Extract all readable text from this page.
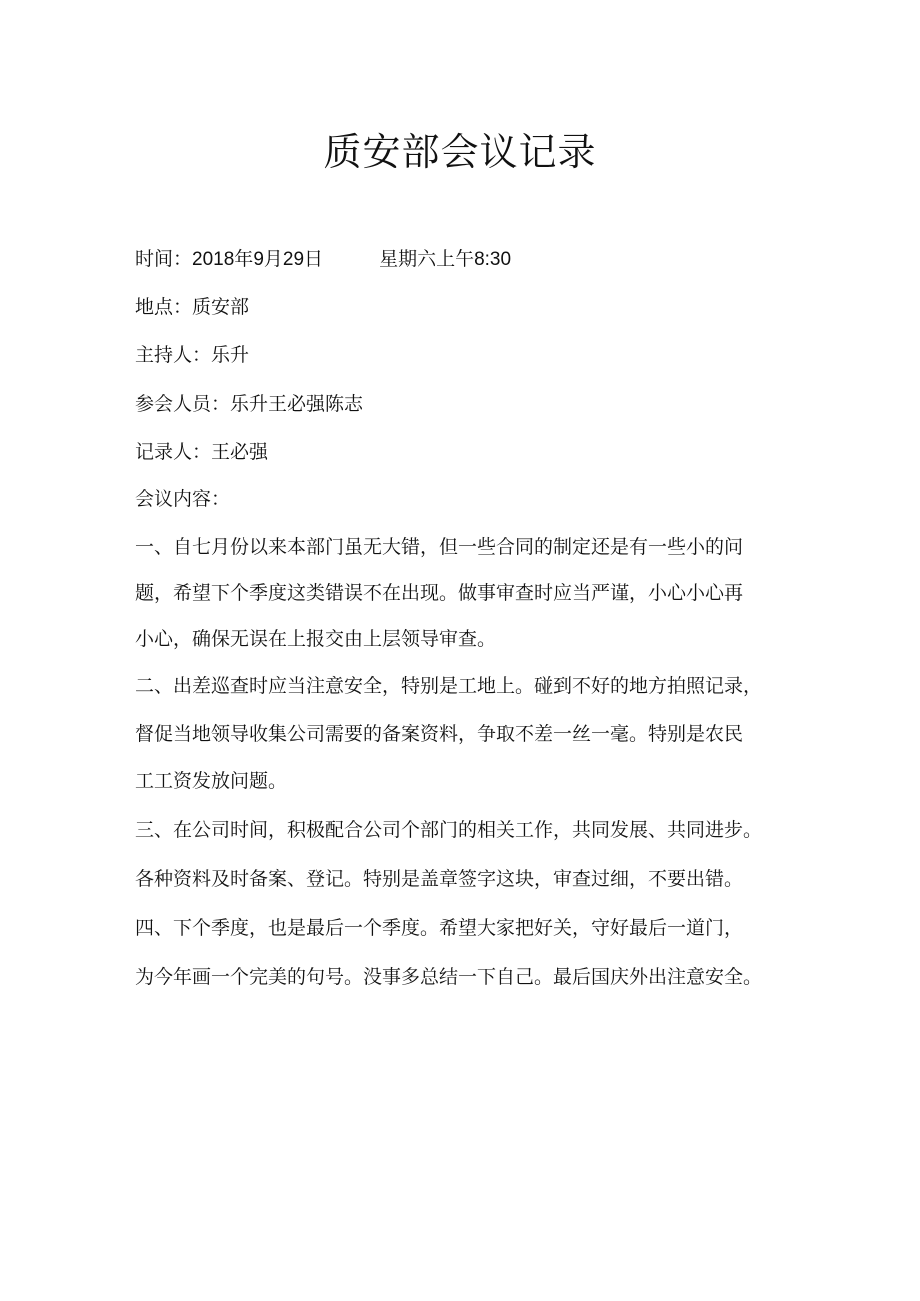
质安部会议记录
时间：2018年9月29日	星期六上午8:30
地点：质安部
主持人：乐升
参会人员：乐升王必强陈志
记录人：王必强
会议内容：
一、自七月份以来本部门虽无大错，但一些合同的制定还是有一些小的问
题，希望下个季度这类错误不在出现。做事审查时应当严谨，小心小心再
小心，确保无误在上报交由上层领导审查。
二、出差巡查时应当注意安全，特别是工地上。碰到不好的地方拍照记录，
督促当地领导收集公司需要的备案资料，争取不差一丝一毫。特别是农民
工工资发放问题。
三、在公司时间，积极配合公司个部门的相关工作，共同发展、共同进步。
各种资料及时备案、登记。特别是盖章签字这块，审查过细，不要出错。
四、下个季度，也是最后一个季度。希望大家把好关，守好最后一道门，
为今年画一个完美的句号。没事多总结一下自己。最后国庆外出注意安全。
